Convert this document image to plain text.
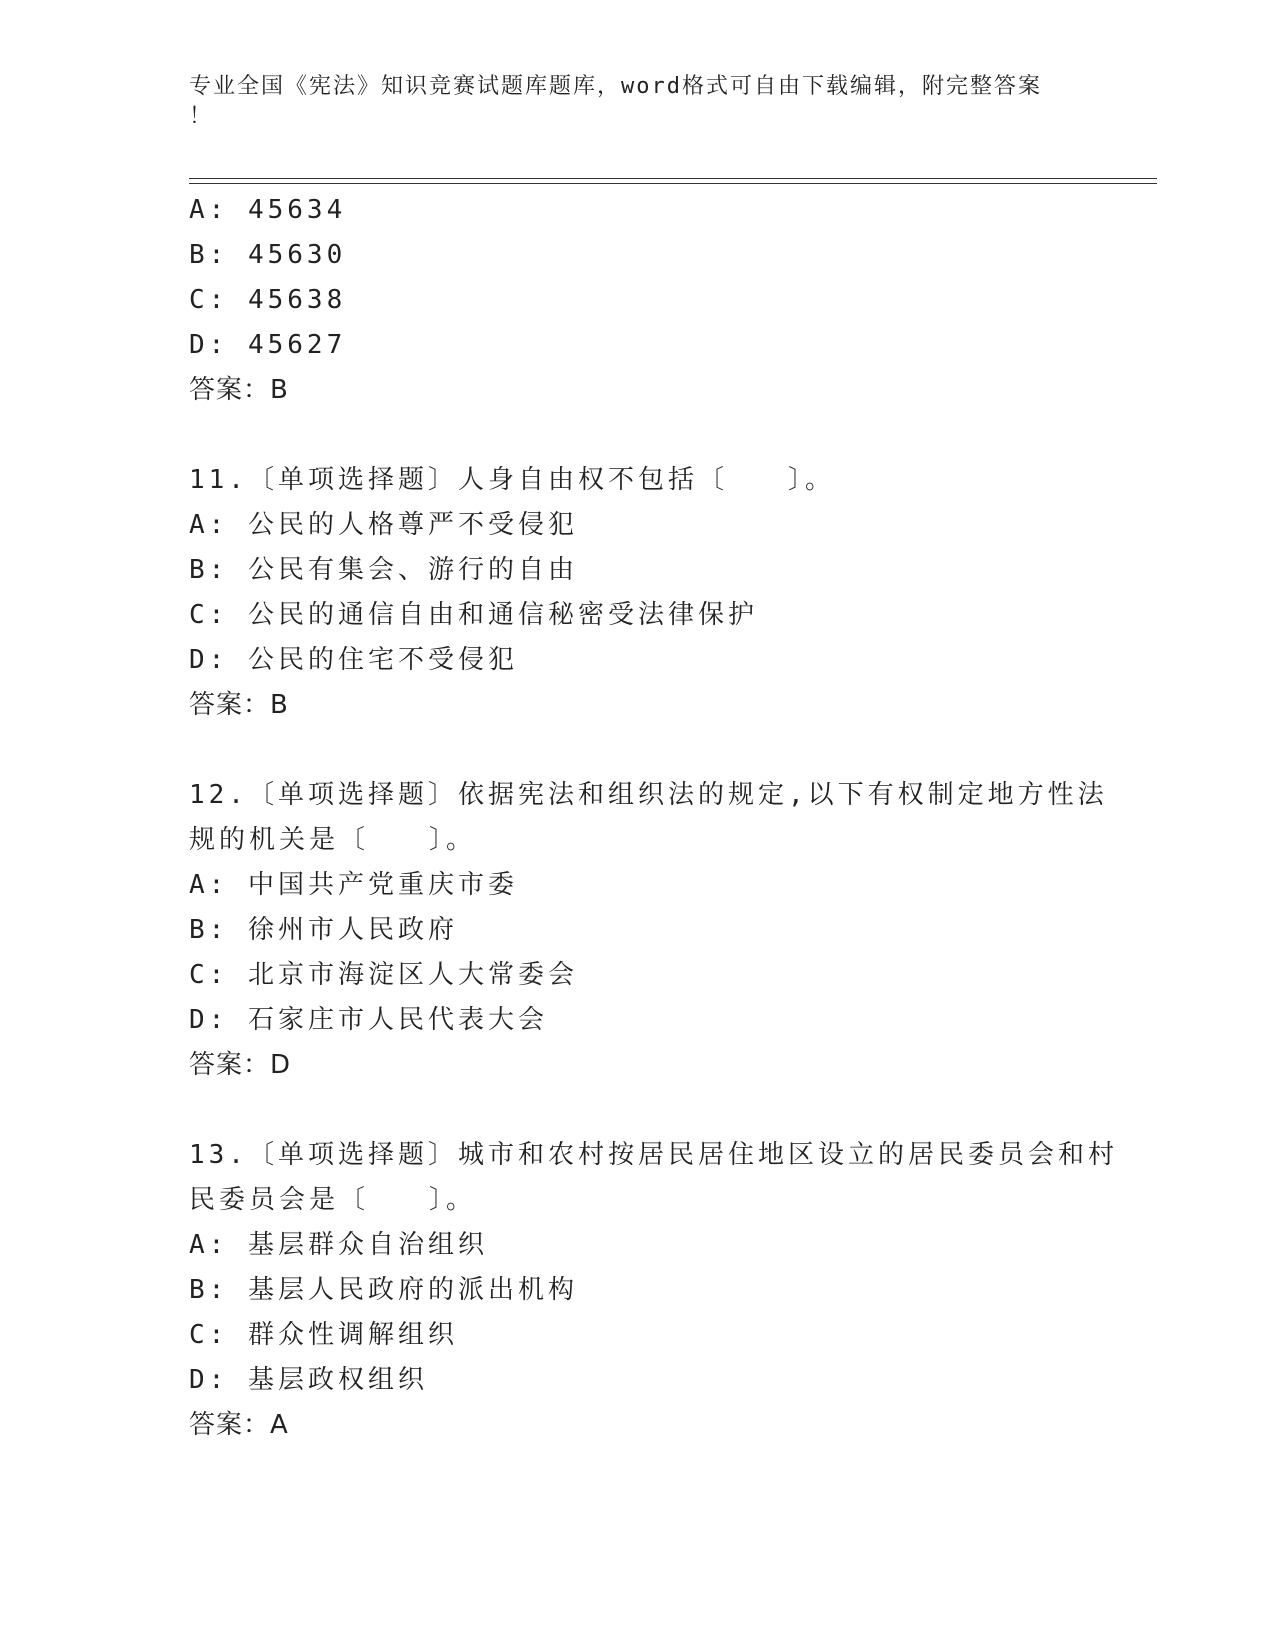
专业全国《宪法》知识竞赛试题库题库，word格式可自由下载编辑，附完整答案
！
A: 45634
B: 45630
C: 45638
D: 45627
答案：B
11.〔单项选择题〕人身自由权不包括〔　　〕。
A: 公民的人格尊严不受侵犯
B: 公民有集会、游行的自由
C: 公民的通信自由和通信秘密受法律保护
D: 公民的住宅不受侵犯
答案：B
12.〔单项选择题〕依据宪法和组织法的规定,以下有权制定地方性法
规的机关是〔　　〕。
A: 中国共产党重庆市委
B: 徐州市人民政府
C: 北京市海淀区人大常委会
D: 石家庄市人民代表大会
答案：D
13.〔单项选择题〕城市和农村按居民居住地区设立的居民委员会和村
民委员会是〔　　〕。
A: 基层群众自治组织
B: 基层人民政府的派出机构
C: 群众性调解组织
D: 基层政权组织
答案：A
